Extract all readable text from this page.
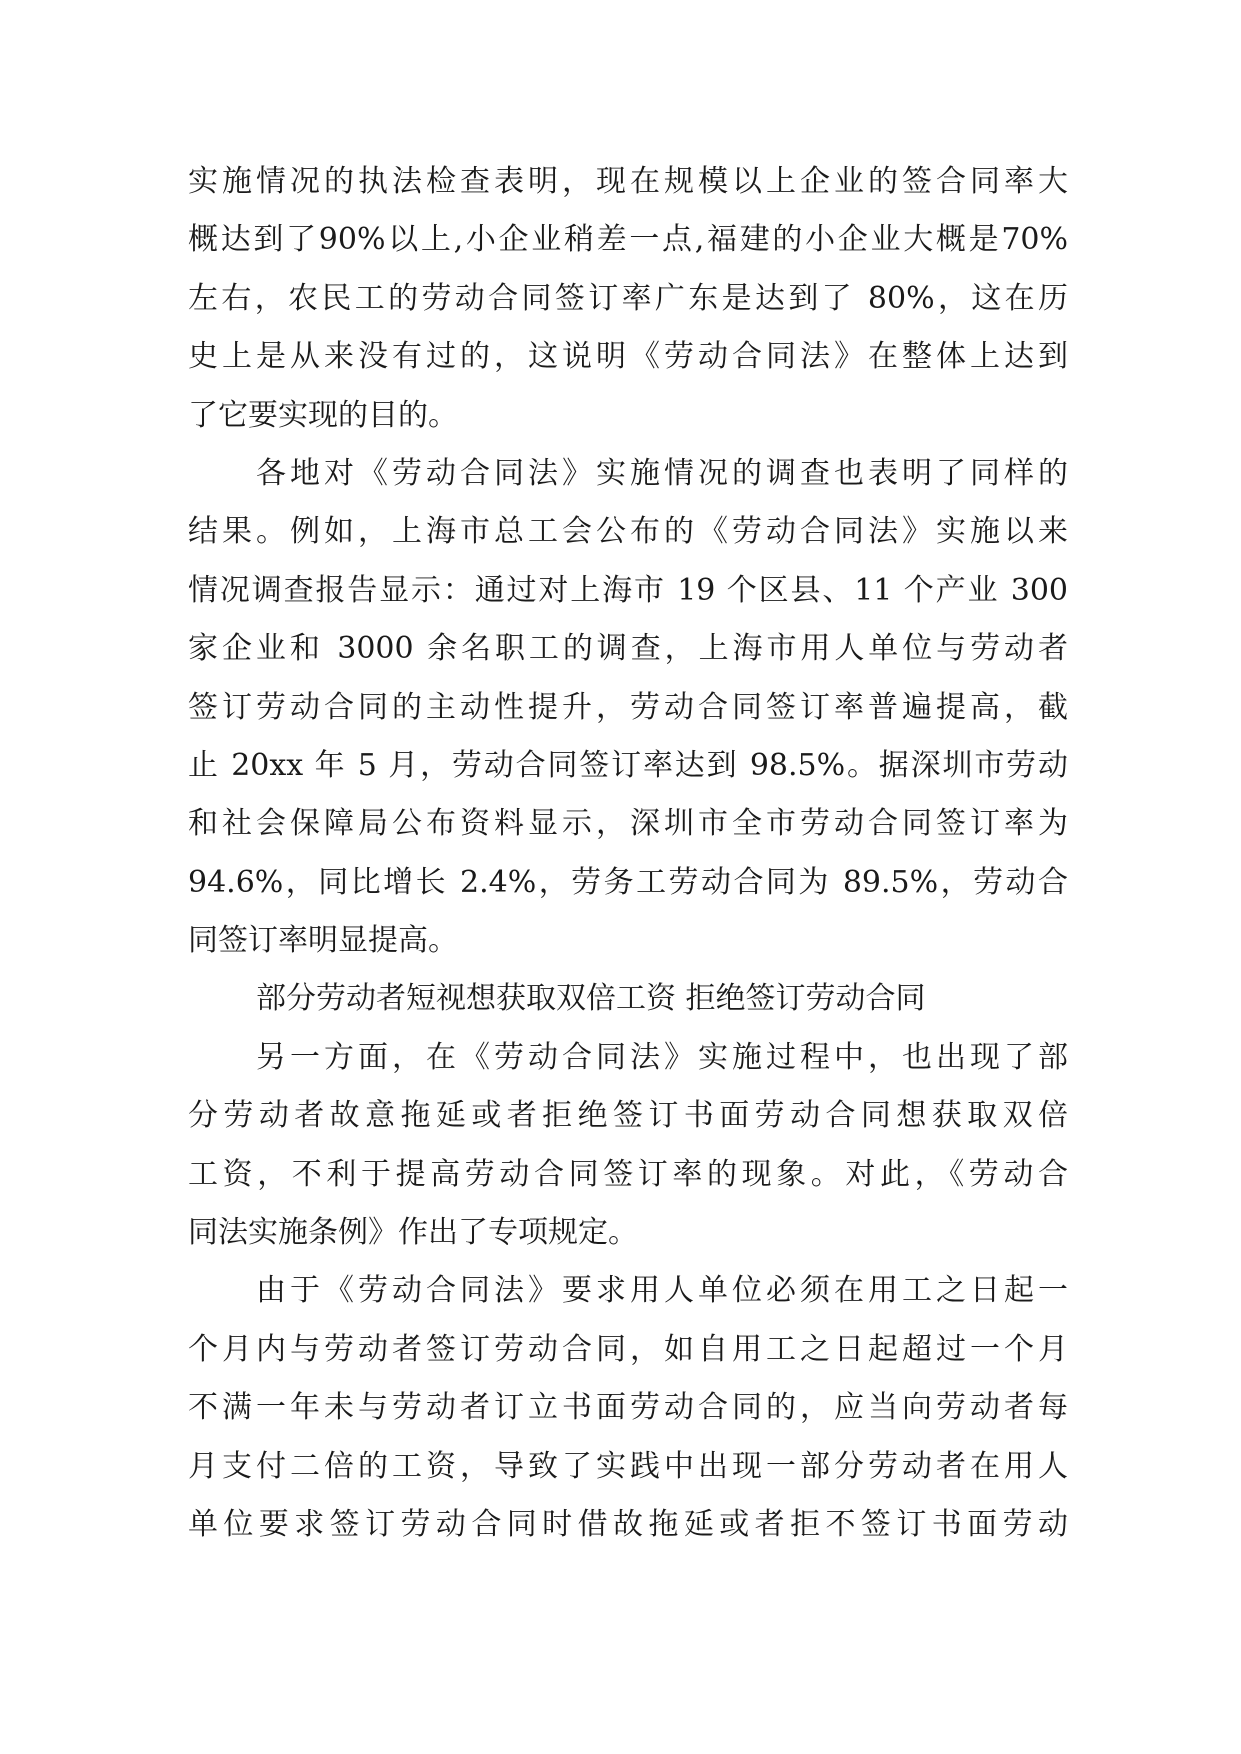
实施情况的执法检查表明，现在规模以上企业的签合同率大
概达到了90%以上,小企业稍差一点,福建的小企业大概是70%
左右，农民工的劳动合同签订率广东是达到了 80%，这在历
史上是从来没有过的，这说明《劳动合同法》在整体上达到
了它要实现的目的。
各地对《劳动合同法》实施情况的调查也表明了同样的
结果。例如，上海市总工会公布的《劳动合同法》实施以来
情况调查报告显示：通过对上海市 19 个区县、11 个产业 300
家企业和 3000 余名职工的调查，上海市用人单位与劳动者
签订劳动合同的主动性提升，劳动合同签订率普遍提高，截
止 20xx 年 5 月，劳动合同签订率达到 98.5%。据深圳市劳动
和社会保障局公布资料显示，深圳市全市劳动合同签订率为
94.6%，同比增长 2.4%，劳务工劳动合同为 89.5%，劳动合
同签订率明显提高。
部分劳动者短视想获取双倍工资 拒绝签订劳动合同
另一方面，在《劳动合同法》实施过程中，也出现了部
分劳动者故意拖延或者拒绝签订书面劳动合同想获取双倍
工资，不利于提高劳动合同签订率的现象。对此，《劳动合
同法实施条例》作出了专项规定。
由于《劳动合同法》要求用人单位必须在用工之日起一
个月内与劳动者签订劳动合同，如自用工之日起超过一个月
不满一年未与劳动者订立书面劳动合同的，应当向劳动者每
月支付二倍的工资，导致了实践中出现一部分劳动者在用人
单位要求签订劳动合同时借故拖延或者拒不签订书面劳动
